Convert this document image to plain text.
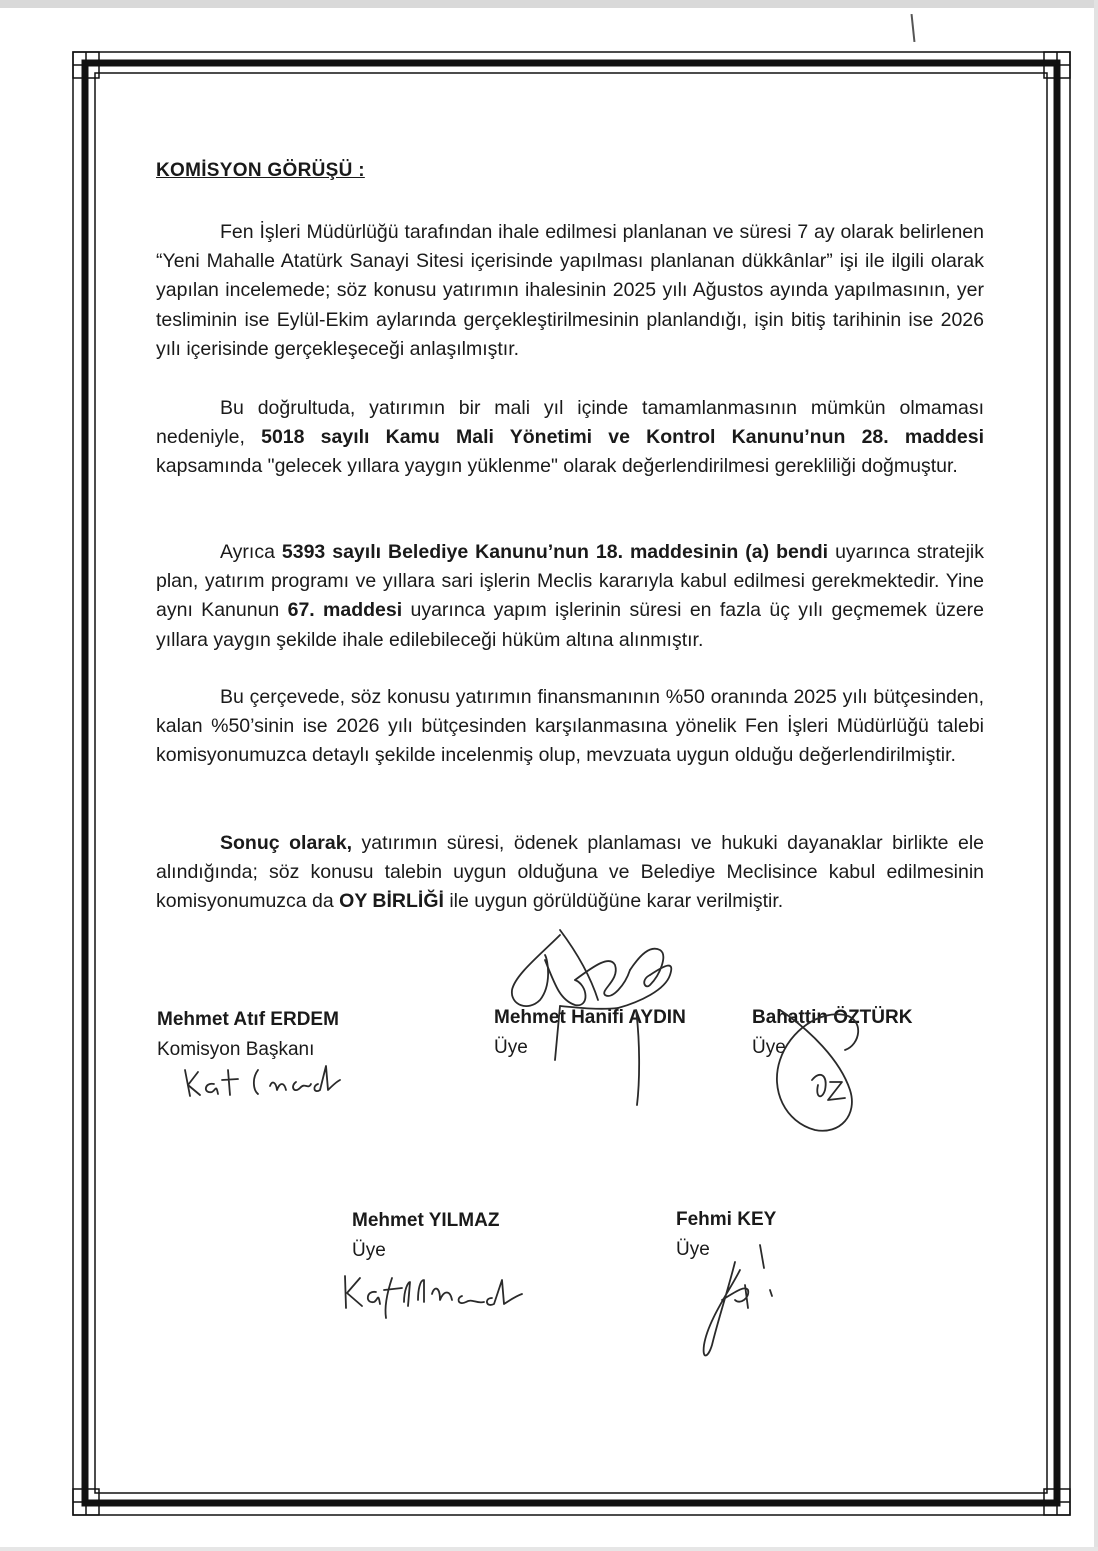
KOMİSYON GÖRÜŞÜ :

Fen İşleri Müdürlüğü tarafından ihale edilmesi planlanan ve süresi 7 ay olarak belirlenen “Yeni Mahalle Atatürk Sanayi Sitesi içerisinde yapılması planlanan dükkânlar” işi ile ilgili olarak yapılan incelemede; söz konusu yatırımın ihalesinin 2025 yılı Ağustos ayında yapılmasının, yer tesliminin ise Eylül-Ekim aylarında gerçekleştirilmesinin planlandığı, işin bitiş tarihinin ise 2026 yılı içerisinde gerçekleşeceği anlaşılmıştır.

Bu doğrultuda, yatırımın bir mali yıl içinde tamamlanmasının mümkün olmaması nedeniyle, 5018 sayılı Kamu Mali Yönetimi ve Kontrol Kanunu’nun 28. maddesi kapsamında "gelecek yıllara yaygın yüklenme" olarak değerlendirilmesi gerekliliği doğmuştur.

Ayrıca 5393 sayılı Belediye Kanunu’nun 18. maddesinin (a) bendi uyarınca stratejik plan, yatırım programı ve yıllara sari işlerin Meclis kararıyla kabul edilmesi gerekmektedir. Yine aynı Kanunun 67. maddesi uyarınca yapım işlerinin süresi en fazla üç yılı geçmemek üzere yıllara yaygın şekilde ihale edilebileceği hüküm altına alınmıştır.

Bu çerçevede, söz konusu yatırımın finansmanının %50 oranında 2025 yılı bütçesinden, kalan %50’sinin ise 2026 yılı bütçesinden karşılanmasına yönelik Fen İşleri Müdürlüğü talebi komisyonumuzca detaylı şekilde incelenmiş olup, mevzuata uygun olduğu değerlendirilmiştir.

Sonuç olarak, yatırımın süresi, ödenek planlaması ve hukuki dayanaklar birlikte ele alındığında; söz konusu talebin uygun olduğuna ve Belediye Meclisince kabul edilmesinin komisyonumuzca da OY BİRLİĞİ ile uygun görüldüğüne karar verilmiştir.

Mehmet Atıf ERDEM
Komisyon Başkanı
Mehmet Hanifi AYDIN
Üye
Bahattin ÖZTÜRK
Üye
Mehmet YILMAZ
Üye
Fehmi KEY
Üye
